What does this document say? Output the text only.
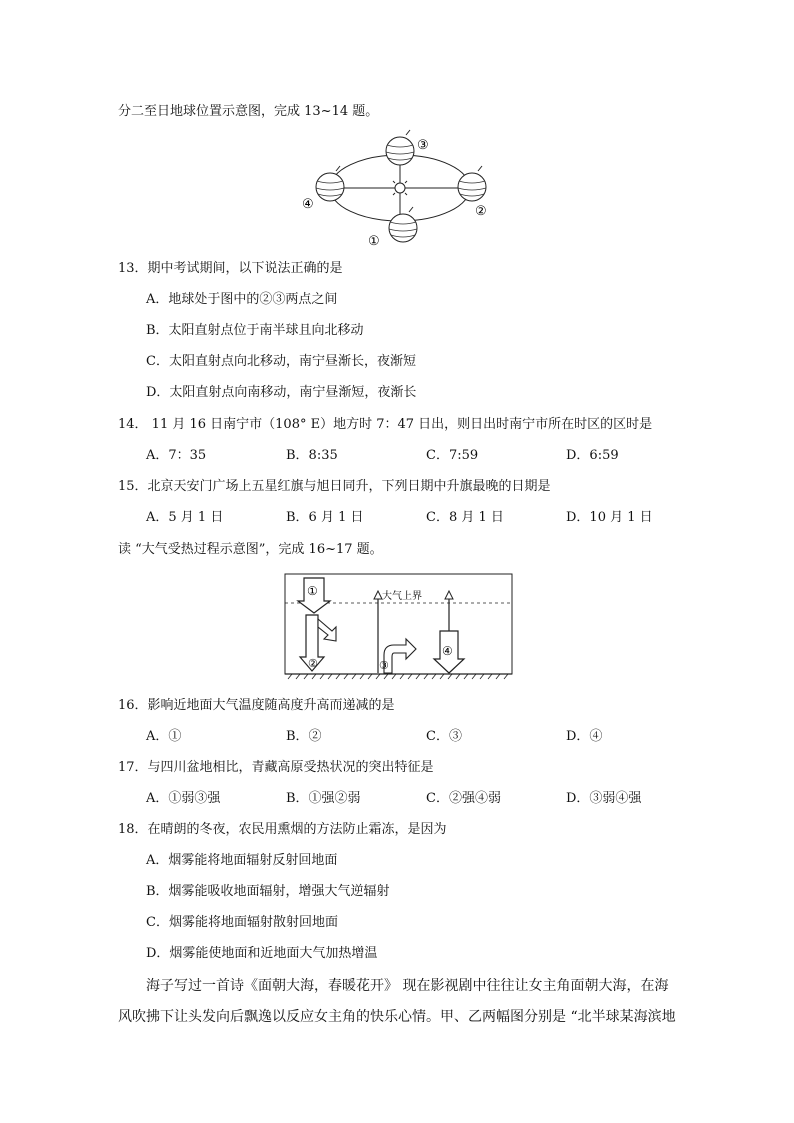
分二至日地球位置示意图，完成 13~14 题。
③
②
①
④
13．期中考试期间，以下说法正确的是
A．地球处于图中的②③两点之间
B．太阳直射点位于南半球且向北移动
C．太阳直射点向北移动，南宁昼渐长，夜渐短
D．太阳直射点向南移动，南宁昼渐短，夜渐长
14． 11 月 16 日南宁市（108° E）地方时 7：47 日出，则日出时南宁市所在时区的区时是
A．7：35	B．8:35	C．7:59	D．6:59
15．北京天安门广场上五星红旗与旭日同升，下列日期中升旗最晚的日期是
A．5 月 1 日	B．6 月 1 日	C．8 月 1 日	D．10 月 1 日
读 “大气受热过程示意图”，完成 16~17 题。
①
②	③
大气上界
④
16．影响近地面大气温度随高度升高而递减的是
A．①	B．②	C．③	D．④
17．与四川盆地相比，青藏高原受热状况的突出特征是
A．①弱③强	B．①强②弱	C．②强④弱	D．③弱④强
18．在晴朗的冬夜，农民用熏烟的方法防止霜冻，是因为
A．烟雾能将地面辐射反射回地面
B．烟雾能吸收地面辐射，增强大气逆辐射
C．烟雾能将地面辐射散射回地面
D．烟雾能使地面和近地面大气加热增温
海子写过一首诗《面朝大海，春暖花开》 现在影视剧中往往让女主角面朝大海，在海
风吹拂下让头发向后飘逸以反应女主角的快乐心情。甲、乙两幅图分别是 “北半球某海滨地
